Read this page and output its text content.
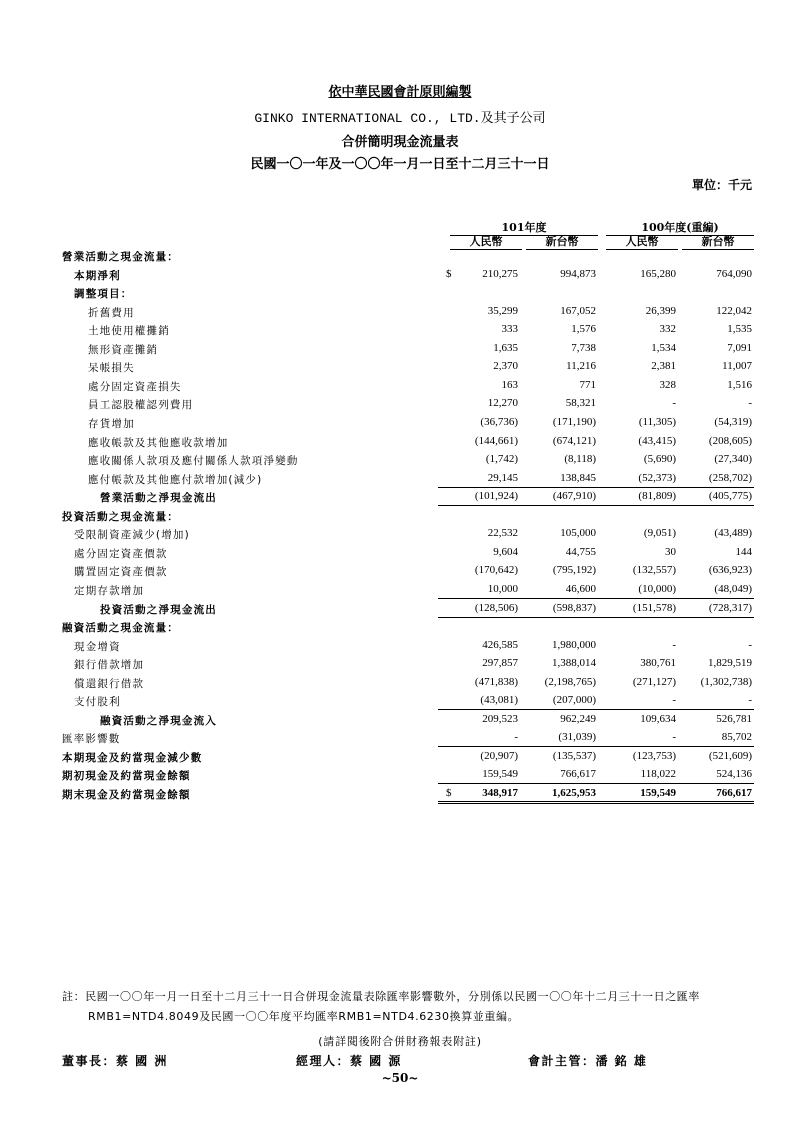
依中華民國會計原則編製
GINKO INTERNATIONAL CO., LTD.及其子公司
合併簡明現金流量表
民國一〇一年及一〇〇年一月一日至十二月三十一日
單位：千元
101年度	100年度(重編)
人民幣	新台幣	人民幣	新台幣
營業活動之現金流量：
本期淨利	$	210,275	994,873	165,280	764,090
調整項目：
折舊費用	35,299	167,052	26,399	122,042
土地使用權攤銷	333	1,576	332	1,535
無形資產攤銷	1,635	7,738	1,534	7,091
呆帳損失	2,370	11,216	2,381	11,007
處分固定資產損失	163	771	328	1,516
員工認股權認列費用	12,270	58,321	-	-
存貨增加	(36,736)	(171,190)	(11,305)	(54,319)
應收帳款及其他應收款增加	(144,661)	(674,121)	(43,415)	(208,605)
應收關係人款項及應付關係人款項淨變動	(1,742)	(8,118)	(5,690)	(27,340)
應付帳款及其他應付款增加(減少)	29,145	138,845	(52,373)	(258,702)
營業活動之淨現金流出	(101,924)	(467,910)	(81,809)	(405,775)
投資活動之現金流量：
受限制資產減少(增加)	22,532	105,000	(9,051)	(43,489)
處分固定資產價款	9,604	44,755	30	144
購置固定資產價款	(170,642)	(795,192)	(132,557)	(636,923)
定期存款增加	10,000	46,600	(10,000)	(48,049)
投資活動之淨現金流出	(128,506)	(598,837)	(151,578)	(728,317)
融資活動之現金流量：
現金增資	426,585	1,980,000	-	-
銀行借款增加	297,857	1,388,014	380,761	1,829,519
償還銀行借款	(471,838)	(2,198,765)	(271,127)	(1,302,738)
支付股利	(43,081)	(207,000)	-	-
融資活動之淨現金流入	209,523	962,249	109,634	526,781
匯率影響數	-	(31,039)	-	85,702
本期現金及約當現金減少數	(20,907)	(135,537)	(123,753)	(521,609)
期初現金及約當現金餘額	159,549	766,617	118,022	524,136
期末現金及約當現金餘額	$	348,917	1,625,953	159,549	766,617
註：民國一〇〇年一月一日至十二月三十一日合併現金流量表除匯率影響數外，分別係以民國一〇〇年十二月三十一日之匯率
RMB1=NTD4.8049及民國一〇〇年度平均匯率RMB1=NTD4.6230換算並重編。
(請詳閱後附合併財務報表附註)
董事長：蔡 國 洲	經理人：蔡 國 源	會計主管：潘 銘 雄
~50~
